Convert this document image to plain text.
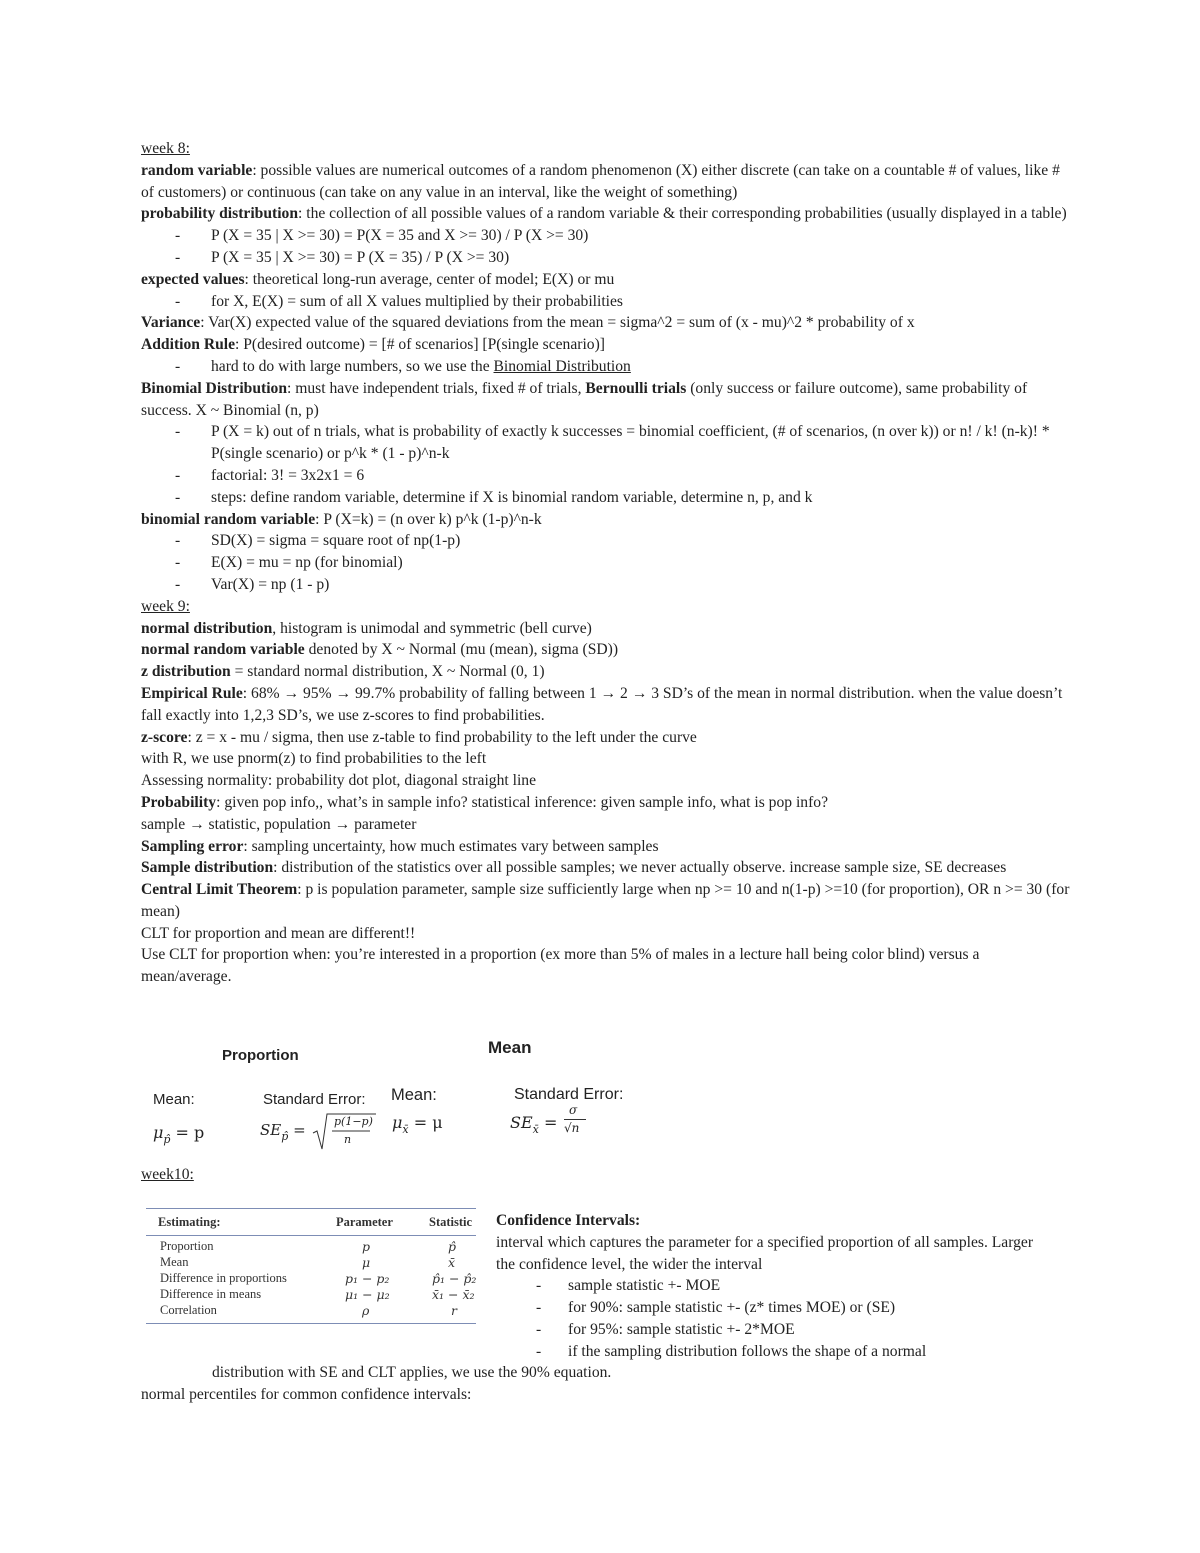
week 8:
random variable: possible values are numerical outcomes of a random phenomenon (X) either discrete (can take on a countable # of values, like # of customers) or continuous (can take on any value in an interval, like the weight of something)
probability distribution: the collection of all possible values of a random variable & their corresponding probabilities (usually displayed in a table)
- P (X = 35 | X >= 30) = P(X = 35 and X >= 30) / P (X >= 30)
- P (X = 35 | X >= 30) = P (X = 35) / P (X >= 30)
expected values: theoretical long-run average, center of model; E(X) or mu
- for X, E(X) = sum of all X values multiplied by their probabilities
Variance: Var(X) expected value of the squared deviations from the mean = sigma^2 = sum of (x - mu)^2 * probability of x
Addition Rule: P(desired outcome) = [# of scenarios] [P(single scenario)]
- hard to do with large numbers, so we use the Binomial Distribution
Binomial Distribution: must have independent trials, fixed # of trials, Bernoulli trials (only success or failure outcome), same probability of success. X ~ Binomial (n, p)
- P (X = k) out of n trials, what is probability of exactly k successes = binomial coefficient, (# of scenarios, (n over k)) or n! / k! (n-k)! * P(single scenario) or p^k * (1 - p)^n-k
- factorial: 3! = 3x2x1 = 6
- steps: define random variable, determine if X is binomial random variable, determine n, p, and k
binomial random variable: P (X=k) = (n over k) p^k (1-p)^n-k
- SD(X) = sigma = square root of np(1-p)
- E(X) = mu = np (for binomial)
- Var(X) = np (1 - p)
week 9:
normal distribution, histogram is unimodal and symmetric (bell curve)
normal random variable denoted by X ~ Normal (mu (mean), sigma (SD))
z distribution = standard normal distribution, X ~ Normal (0, 1)
Empirical Rule: 68% → 95% → 99.7% probability of falling between 1 → 2 → 3 SD’s of the mean in normal distribution. when the value doesn’t fall exactly into 1,2,3 SD’s, we use z-scores to find probabilities.
z-score: z = x - mu / sigma, then use z-table to find probability to the left under the curve
with R, we use pnorm(z) to find probabilities to the left
Assessing normality: probability dot plot, diagonal straight line
Probability: given pop info,, what’s in sample info? statistical inference: given sample info, what is pop info?
sample → statistic, population → parameter
Sampling error: sampling uncertainty, how much estimates vary between samples
Sample distribution: distribution of the statistics over all possible samples; we never actually observe. increase sample size, SE decreases
Central Limit Theorem: p is population parameter, sample size sufficiently large when np >= 10 and n(1-p) >=10 (for proportion), OR n >= 30 (for mean)
CLT for proportion and mean are different!!
Use CLT for proportion when: you’re interested in a proportion (ex more than 5% of males in a lecture hall being color blind) versus a mean/average.
Proportion	Mean
Mean:	Standard Error: Mean:	Standard Error:
$\mu_{p̂} = p$	$SE_{p̂}$ =	p(1−p)
n
$\mu_{x̄} = \mu$	$SE_{x̄}$ =
σ
√n
week10:
Estimating:	Parameter	Statistic
Proportion	p	p̂
Mean	μ	x̄
Difference in proportions	p₁ − p₂	p̂₁ − p̂₂
Difference in means	μ₁ − μ₂	x̄₁ − x̄₂
Correlation	ρ	r
Confidence Intervals:
interval which captures the parameter for a specified proportion of all samples. Larger the confidence level, the wider the interval
- sample statistic +- MOE
- for 90%: sample statistic +- (z* times MOE) or (SE)
- for 95%: sample statistic +- 2*MOE
- if the sampling distribution follows the shape of a normal
distribution with SE and CLT applies, we use the 90% equation.
normal percentiles for common confidence intervals:
